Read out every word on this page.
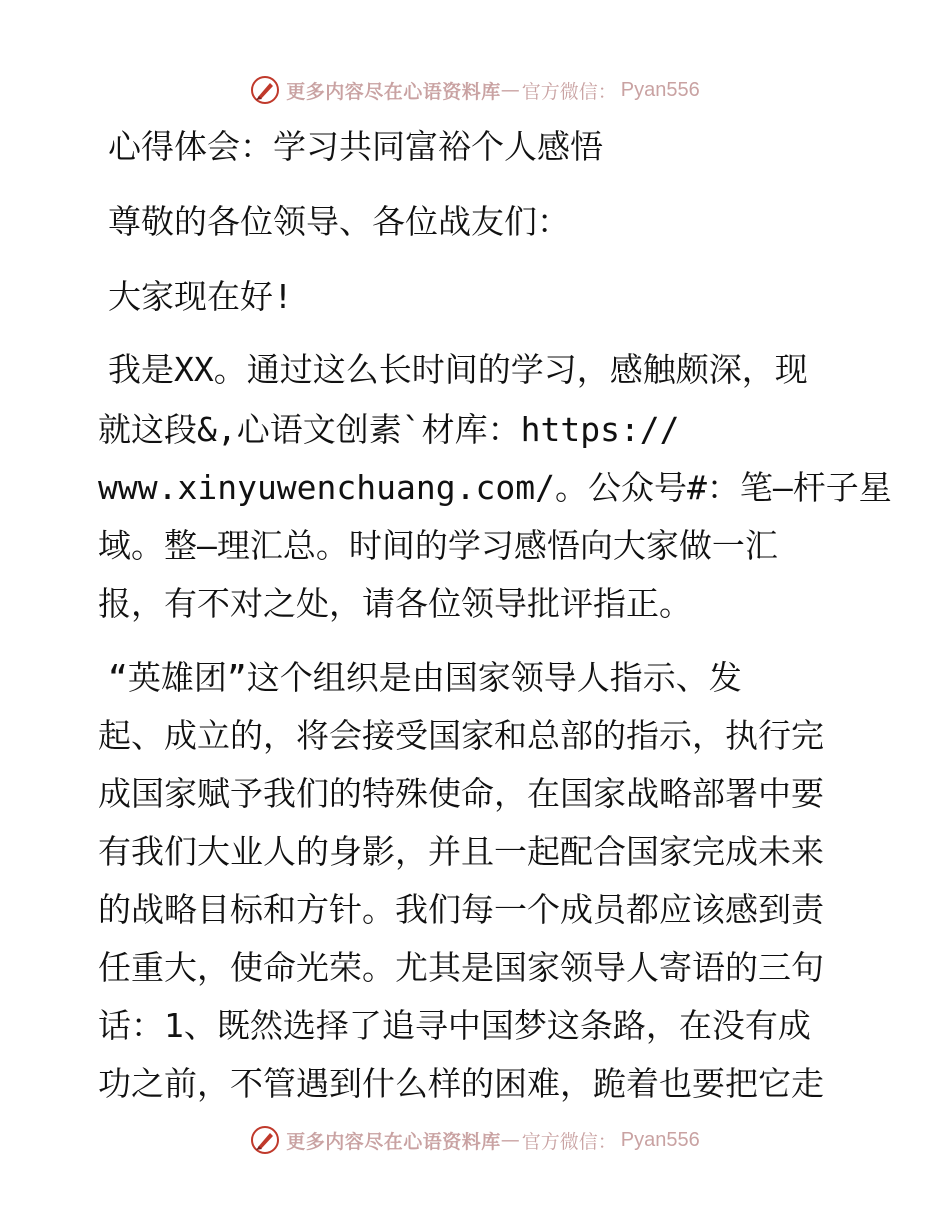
更多内容尽在心语资料库 — 官方微信： Pyan556
心得体会：学习共同富裕个人感悟
尊敬的各位领导、各位战友们：
大家现在好!
我是XX。通过这么长时间的学习，感触颇深，现
就这段&,心语文创素`材库：https://
www.xinyuwenchuang.com/。公众号#：笔—杆子星
域。整—理汇总。时间的学习感悟向大家做一汇
报，有不对之处，请各位领导批评指正。
“英雄团”这个组织是由国家领导人指示、发
起、成立的，将会接受国家和总部的指示，执行完
成国家赋予我们的特殊使命，在国家战略部署中要
有我们大业人的身影，并且一起配合国家完成未来
的战略目标和方针。我们每一个成员都应该感到责
任重大，使命光荣。尤其是国家领导人寄语的三句
话：1、既然选择了追寻中国梦这条路，在没有成
功之前，不管遇到什么样的困难，跪着也要把它走
更多内容尽在心语资料库 — 官方微信： Pyan556
